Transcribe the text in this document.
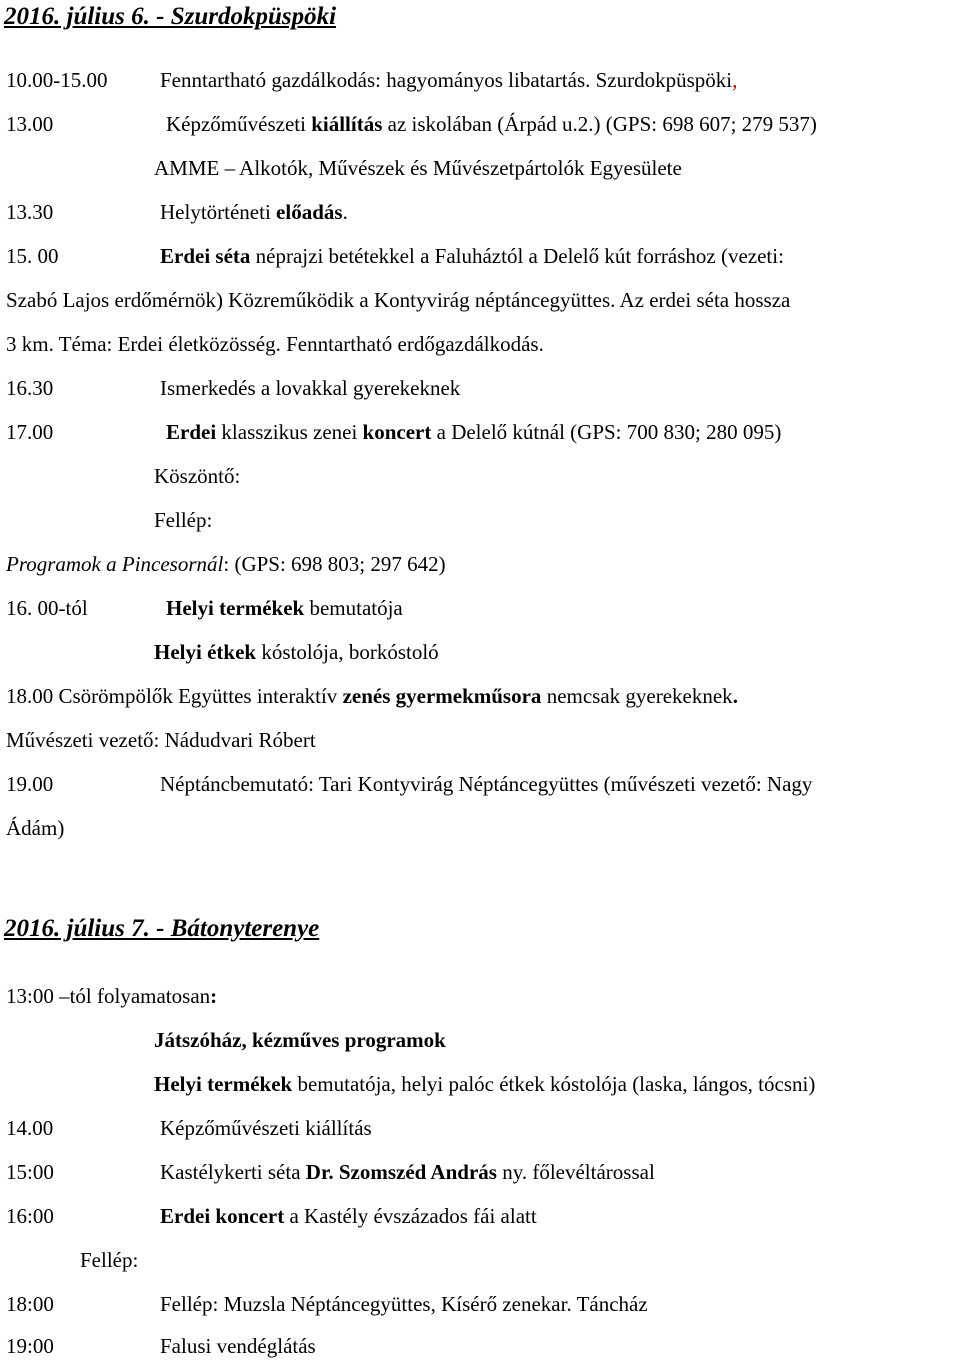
2016. július 6. - Szurdokpüspöki
10.00-15.00	Fenntartható gazdálkodás: hagyományos libatartás. Szurdokpüspöki,
13.00	Képzőművészeti kiállítás az iskolában (Árpád u.2.) (GPS: 698 607; 279 537)
AMME – Alkotók, Művészek és Művészetpártolók Egyesülete
13.30	Helytörténeti előadás.
15. 00	Erdei séta néprajzi betétekkel a Faluháztól a Delelő kút forráshoz (vezeti:
Szabó Lajos erdőmérnök) Közreműködik a Kontyvirág néptáncegyüttes. Az erdei séta hossza
3 km. Téma: Erdei életközösség. Fenntartható erdőgazdálkodás.
16.30	Ismerkedés a lovakkal gyerekeknek
17.00	Erdei klasszikus zenei koncert a Delelő kútnál (GPS: 700 830; 280 095)
Köszöntő:
Fellép:
Programok a Pincesornál: (GPS: 698 803; 297 642)
16. 00-tól	Helyi termékek bemutatója
Helyi étkek kóstolója, borkóstoló
18.00 Csörömpölők Együttes interaktív zenés gyermekműsora nemcsak gyerekeknek.
Művészeti vezető: Nádudvari Róbert
19.00	Néptáncbemutató: Tari Kontyvirág Néptáncegyüttes (művészeti vezető: Nagy
Ádám)
2016. július 7. - Bátonyterenye
13:00 –tól folyamatosan:
Játszóház, kézműves programok
Helyi termékek bemutatója, helyi palóc étkek kóstolója (laska, lángos, tócsni)
14.00	Képzőművészeti kiállítás
15:00	Kastélykerti séta Dr. Szomszéd András ny. főlevéltárossal
16:00	Erdei koncert a Kastély évszázados fái alatt
Fellép:
18:00	Fellép: Muzsla Néptáncegyüttes, Kísérő zenekar. Táncház
19:00	Falusi vendéglátás
